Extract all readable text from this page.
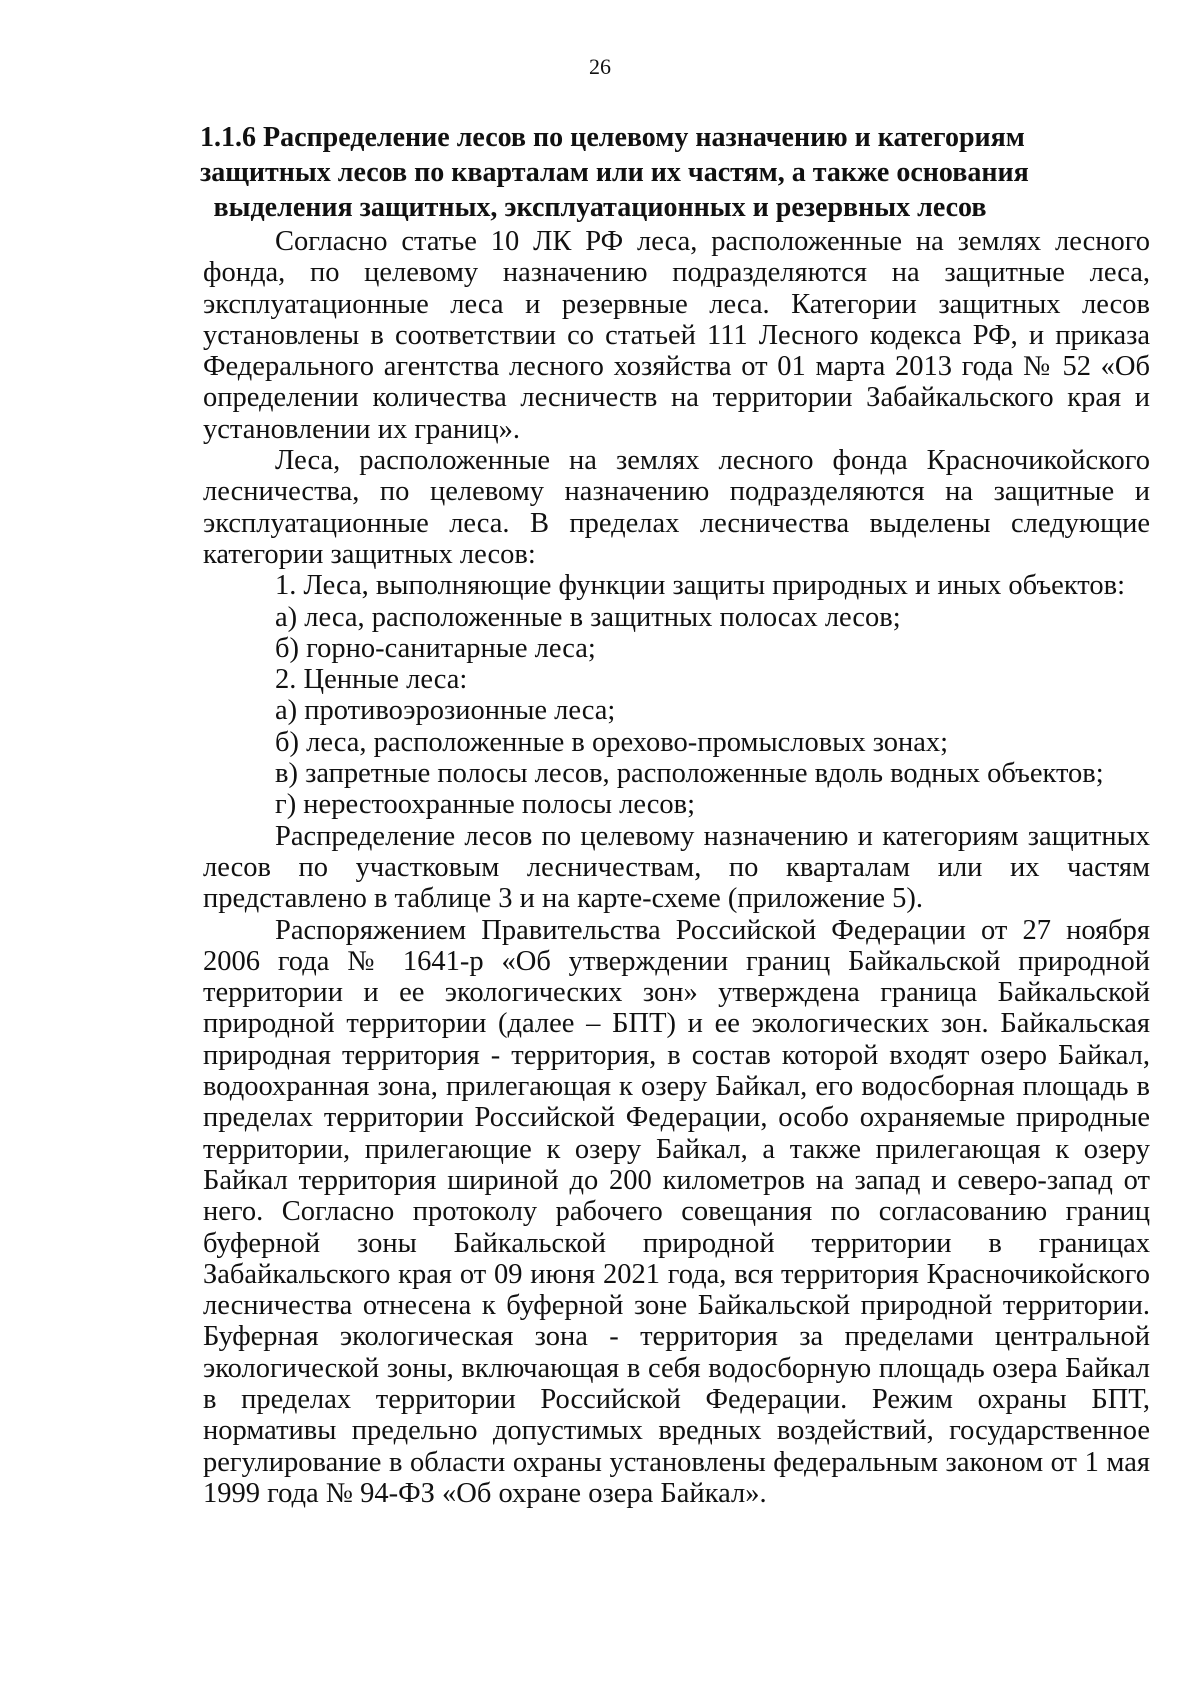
26
1.1.6 Распределение лесов по целевому назначению и категориям
защитных лесов по кварталам или их частям, а также основания
выделения защитных, эксплуатационных и резервных лесов

Согласно статье 10 ЛК РФ леса, расположенные на землях лесного фонда, по целевому назначению подразделяются на защитные леса, эксплуатационные леса и резервные леса. Категории защитных лесов установлены в соответствии со статьей 111 Лесного кодекса РФ, и приказа Федерального агентства лесного хозяйства от 01 марта 2013 года № 52 «Об определении количества лесничеств на территории Забайкальского края и установлении их границ».

Леса, расположенные на землях лесного фонда Красночикойского лесничества, по целевому назначению подразделяются на защитные и эксплуатационные леса. В пределах лесничества выделены следующие категории защитных лесов:

1. Леса, выполняющие функции защиты природных и иных объектов:
а) леса, расположенные в защитных полосах лесов;
б) горно-санитарные леса;
2. Ценные леса:
а) противоэрозионные леса;
б) леса, расположенные в орехово-промысловых зонах;
в) запретные полосы лесов, расположенные вдоль водных объектов;
г) нерестоохранные полосы лесов;

Распределение лесов по целевому назначению и категориям защитных лесов по участковым лесничествам, по кварталам или их частям представлено в таблице 3 и на карте-схеме (приложение 5).

Распоряжением Правительства Российской Федерации от 27 ноября 2006 года № 1641-р «Об утверждении границ Байкальской природной территории и ее экологических зон» утверждена граница Байкальской природной территории (далее – БПТ) и ее экологических зон. Байкальская природная территория - территория, в состав которой входят озеро Байкал, водоохранная зона, прилегающая к озеру Байкал, его водосборная площадь в пределах территории Российской Федерации, особо охраняемые природные территории, прилегающие к озеру Байкал, а также прилегающая к озеру Байкал территория шириной до 200 километров на запад и северо-запад от него. Согласно протоколу рабочего совещания по согласованию границ буферной зоны Байкальской природной территории в границах Забайкальского края от 09 июня 2021 года, вся территория Красночикойского лесничества отнесена к буферной зоне Байкальской природной территории. Буферная экологическая зона - территория за пределами центральной экологической зоны, включающая в себя водосборную площадь озера Байкал в пределах территории Российской Федерации. Режим охраны БПТ, нормативы предельно допустимых вредных воздействий, государственное регулирование в области охраны установлены федеральным законом от 1 мая 1999 года № 94-ФЗ «Об охране озера Байкал».
